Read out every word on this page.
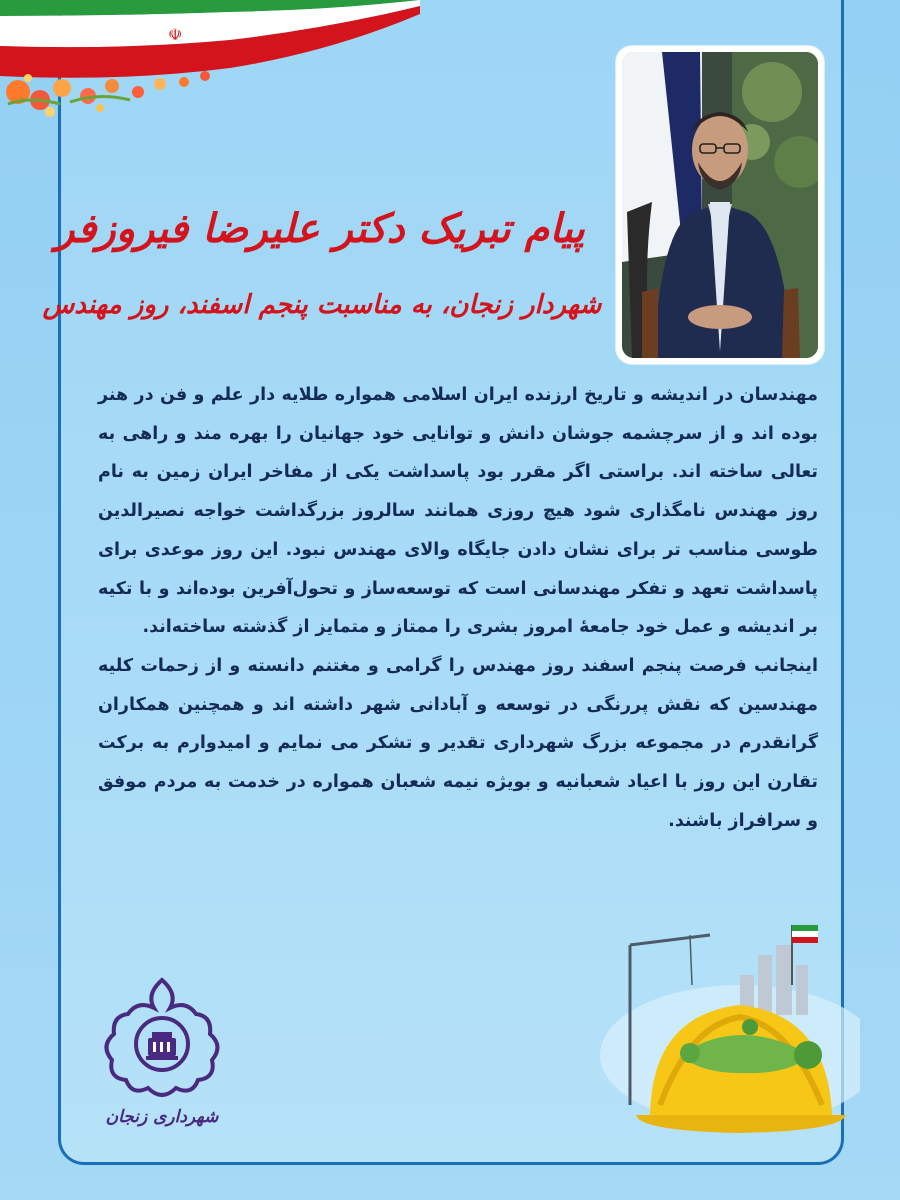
☫
پیام تبریک دکتر علیرضا فیروزفر
شهردار زنجان، به مناسبت پنجم اسفند، روز مهندس

مهندسان در اندیشه و تاریخ ارزنده ایران اسلامی همواره طلایه دار علم و فن در هنر بوده اند و از سرچشمه جوشان دانش و توانایی خود جهانیان را بهره مند و راهی به تعالی ساخته اند. براستی اگر مقرر بود پاسداشت یکی از مفاخر ایران زمین به نام روز مهندس نامگذاری شود هیچ روزی همانند سالروز بزرگداشت خواجه نصیرالدین طوسی مناسب تر برای نشان دادن جایگاه والای مهندس نبود. این روز موعدی برای پاسداشت تعهد و تفکر مهندسانی است که توسعه‌ساز و تحول‌آفرین بوده‌اند و با تکیه بر اندیشه و عمل خود جامعهٔ امروز بشری را ممتاز و متمایز از گذشته ساخته‌اند.

اینجانب فرصت پنجم اسفند روز مهندس را گرامی و مغتنم دانسته و از زحمات کلیه مهندسین که نقش پررنگی در توسعه و آبادانی شهر داشته اند و همچنین همکاران گرانقدرم در مجموعه بزرگ شهرداری تقدیر و تشکر می نمایم و امیدوارم به برکت تقارن این روز با اعیاد شعبانیه و بویژه نیمه شعبان همواره در خدمت به مردم موفق و سرافراز باشند.

شهرداری زنجان
